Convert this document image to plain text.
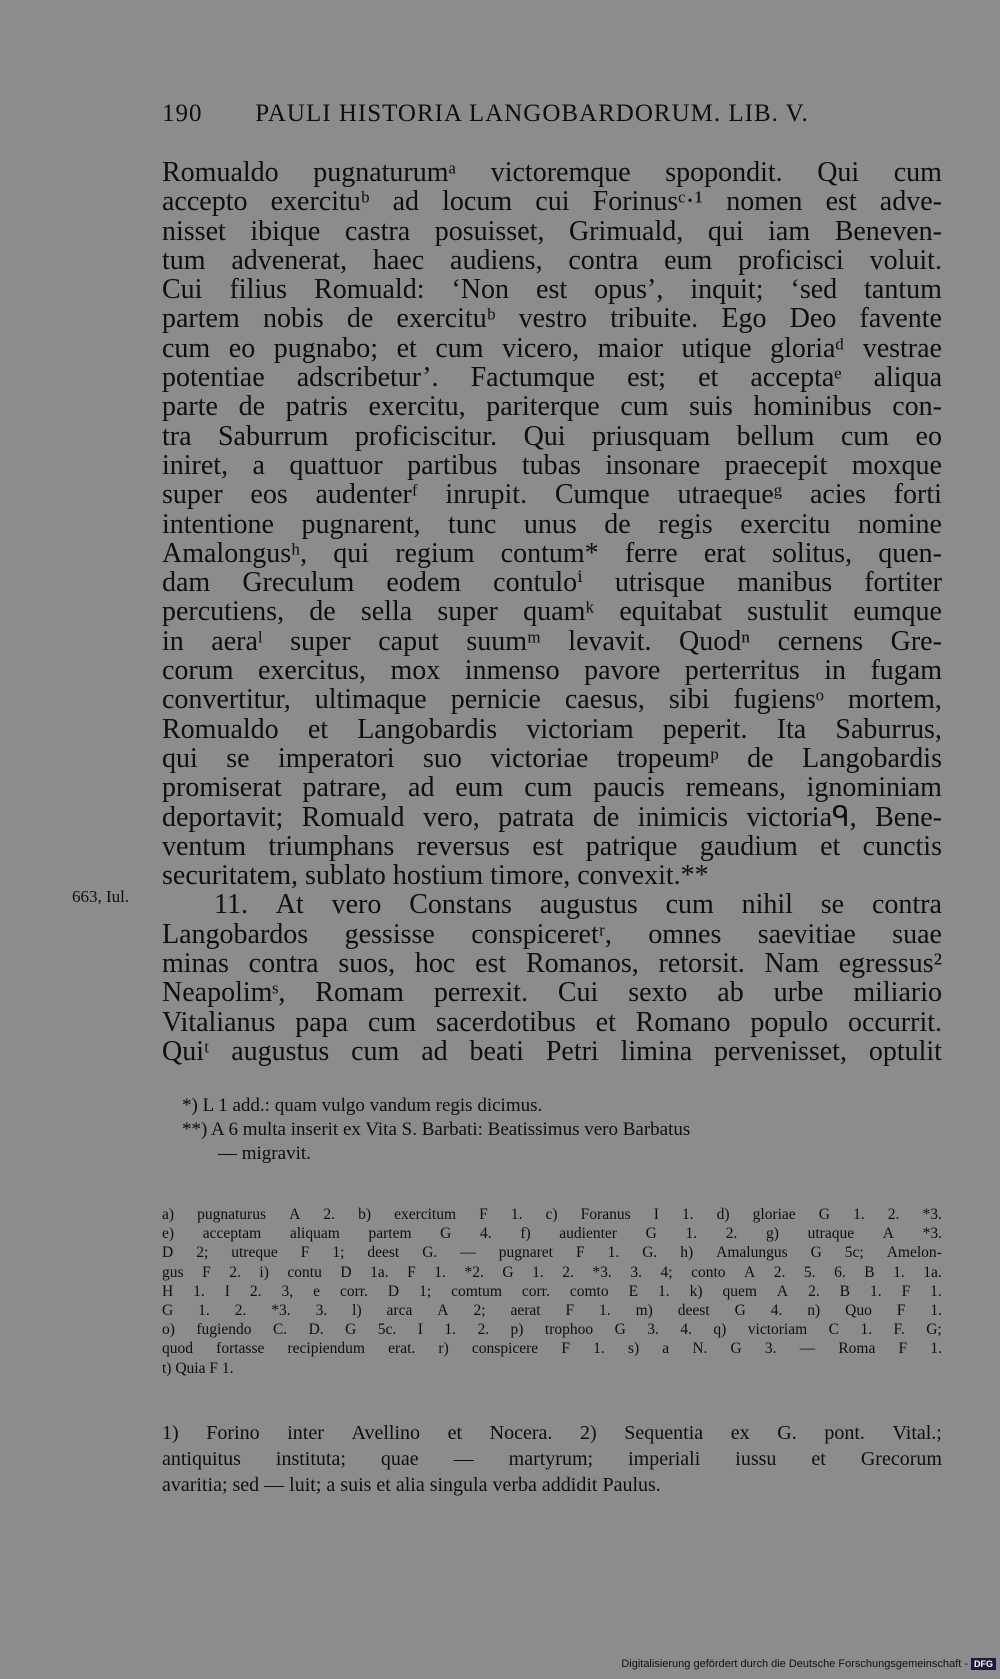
190 PAULI HISTORIA LANGOBARDORUM. LIB. V.
663, Iul.
Romualdo pugnaturumᵃ victoremque spopondit. Qui cum
accepto exercituᵇ ad locum cui Forinusᶜ·¹ nomen est adve-
nisset ibique castra posuisset, Grimuald, qui iam Beneven-
tum advenerat, haec audiens, contra eum proficisci voluit.
Cui filius Romuald: ‘Non est opus’, inquit; ‘sed tantum
partem nobis de exercituᵇ vestro tribuite. Ego Deo favente
cum eo pugnabo; et cum vicero, maior utique gloriaᵈ vestrae
potentiae adscribetur’. Factumque est; et acceptaᵉ aliqua
parte de patris exercitu, pariterque cum suis hominibus con-
tra Saburrum proficiscitur. Qui priusquam bellum cum eo
iniret, a quattuor partibus tubas insonare praecepit moxque
super eos audenterᶠ inrupit. Cumque utraequeᵍ acies forti
intentione pugnarent, tunc unus de regis exercitu nomine
Amalongusʰ, qui regium contum* ferre erat solitus, quen-
dam Greculum eodem contuloⁱ utrisque manibus fortiter
percutiens, de sella super quamᵏ equitabat sustulit eumque
in aeraˡ super caput suumᵐ levavit. Quodⁿ cernens Gre-
corum exercitus, mox inmenso pavore perterritus in fugam
convertitur, ultimaque pernicie caesus, sibi fugiensᵒ mortem,
Romualdo et Langobardis victoriam peperit. Ita Saburrus,
qui se imperatori suo victoriae tropeumᵖ de Langobardis
promiserat patrare, ad eum cum paucis remeans, ignominiam
deportavit; Romuald vero, patrata de inimicis victoriaᑫ, Bene-
ventum triumphans reversus est patrique gaudium et cunctis
securitatem, sublato hostium timore, convexit.**
11. At vero Constans augustus cum nihil se contra
Langobardos gessisse conspiceretʳ, omnes saevitiae suae
minas contra suos, hoc est Romanos, retorsit. Nam egressus²
Neapolimˢ, Romam perrexit. Cui sexto ab urbe miliario
Vitalianus papa cum sacerdotibus et Romano populo occurrit.
Quiᵗ augustus cum ad beati Petri limina pervenisset, optulit
*) L 1 add.: quam vulgo vandum regis dicimus.
**) A 6 multa inserit ex Vita S. Barbati: Beatissimus vero Barbatus
— migravit.
a) pugnaturus A 2. b) exercitum F 1. c) Foranus I 1. d) gloriae G 1. 2. *3.
e) acceptam aliquam partem G 4. f) audienter G 1. 2. g) utraque A *3.
D 2; utreque F 1; deest G. — pugnaret F 1. G. h) Amalungus G 5c; Amelon-
gus F 2. i) contu D 1a. F 1. *2. G 1. 2. *3. 3. 4; conto A 2. 5. 6. B 1. 1a.
H 1. I 2. 3, e corr. D 1; comtum corr. comto E 1. k) quem A 2. B 1. F 1.
G 1. 2. *3. 3. l) arca A 2; aerat F 1. m) deest G 4. n) Quo F 1.
o) fugiendo C. D. G 5c. I 1. 2. p) trophoo G 3. 4. q) victoriam C 1. F. G;
quod fortasse recipiendum erat. r) conspicere F 1. s) a N. G 3. — Roma F 1.
t) Quia F 1.
1) Forino inter Avellino et Nocera. 2) Sequentia ex G. pont. Vital.;
antiquitus instituta; quae — martyrum; imperiali iussu et Grecorum
avaritia; sed — luit; a suis et alia singula verba addidit Paulus.
Digitalisierung gefördert durch die Deutsche Forschungsgemeinschaft - DFG
